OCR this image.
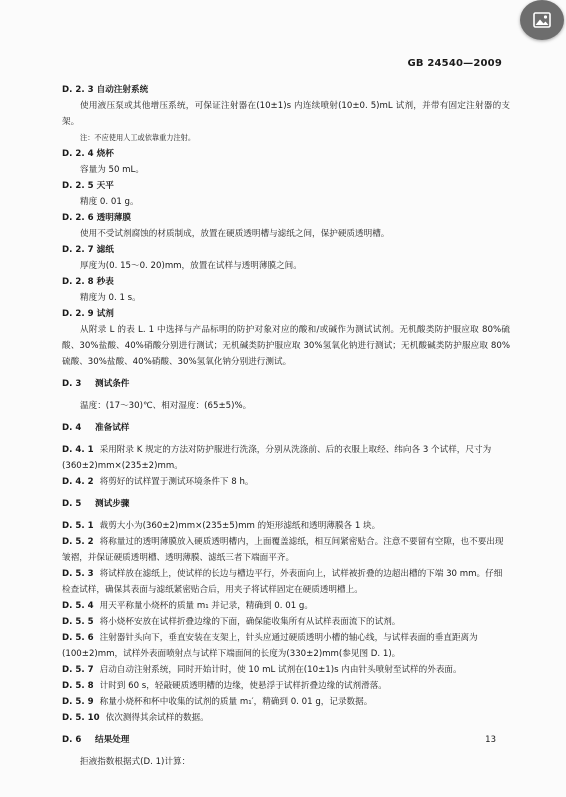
GB 24540—2009
D. 2. 3 自动注射系统
使用液压泵或其他增压系统，可保证注射器在(10±1)s 内连续喷射(10±0. 5)mL 试剂，并带有固定注射器的支架。
注：不应使用人工或依靠重力注射。
D. 2. 4 烧杯
容量为 50 mL。
D. 2. 5 天平
精度 0. 01 g。
D. 2. 6 透明薄膜
使用不受试剂腐蚀的材质制成，放置在硬质透明槽与滤纸之间，保护硬质透明槽。
D. 2. 7 滤纸
厚度为(0. 15～0. 20)mm，放置在试样与透明薄膜之间。
D. 2. 8 秒表
精度为 0. 1 s。
D. 2. 9 试剂
从附录 L 的表 L. 1 中选择与产品标明的防护对象对应的酸和/或碱作为测试试剂。无机酸类防护服应取 80%硫酸、30%盐酸、40%硝酸分别进行测试；无机碱类防护服应取 30%氢氧化钠进行测试；无机酸碱类防护服应取 80%硫酸、30%盐酸、40%硝酸、30%氢氧化钠分别进行测试。
D. 3 测试条件
温度：(17～30)℃、相对湿度：(65±5)%。
D. 4 准备试样
D. 4. 1 采用附录 K 规定的方法对防护服进行洗涤，分别从洗涤前、后的衣服上取经、纬向各 3 个试样，尺寸为(360±2)mm×(235±2)mm。
D. 4. 2 将剪好的试样置于测试环境条件下 8 h。
D. 5 测试步骤
D. 5. 1 裁剪大小为(360±2)mm×(235±5)mm 的矩形滤纸和透明薄膜各 1 块。
D. 5. 2 将称量过的透明薄膜放入硬质透明槽内，上面覆盖滤纸，相互间紧密贴合。注意不要留有空隙，也不要出现皱褶，并保证硬质透明槽、透明薄膜、滤纸三者下端面平齐。
D. 5. 3 将试样放在滤纸上，使试样的长边与槽边平行，外表面向上，试样被折叠的边超出槽的下端 30 mm。仔细检查试样，确保其表面与滤纸紧密贴合后，用夹子将试样固定在硬质透明槽上。
D. 5. 4 用天平称量小烧杯的质量 m₁ 并记录，精确到 0. 01 g。
D. 5. 5 将小烧杯安放在试样折叠边缘的下面，确保能收集所有从试样表面流下的试剂。
D. 5. 6 注射器针头向下，垂直安装在支架上，针头应通过硬质透明小槽的轴心线，与试样表面的垂直距离为(100±2)mm，试样外表面喷射点与试样下端面间的长度为(330±2)mm(参见图 D. 1)。
D. 5. 7 启动自动注射系统，同时开始计时，使 10 mL 试剂在(10±1)s 内由针头喷射至试样的外表面。
D. 5. 8 计时到 60 s，轻敲硬质透明槽的边缘，使悬浮于试样折叠边缘的试剂滑落。
D. 5. 9 称量小烧杯和杯中收集的试剂的质量 m₁′，精确到 0. 01 g，记录数据。
D. 5. 10 依次测得其余试样的数据。
D. 6 结果处理
拒液指数根据式(D. 1)计算：
13
